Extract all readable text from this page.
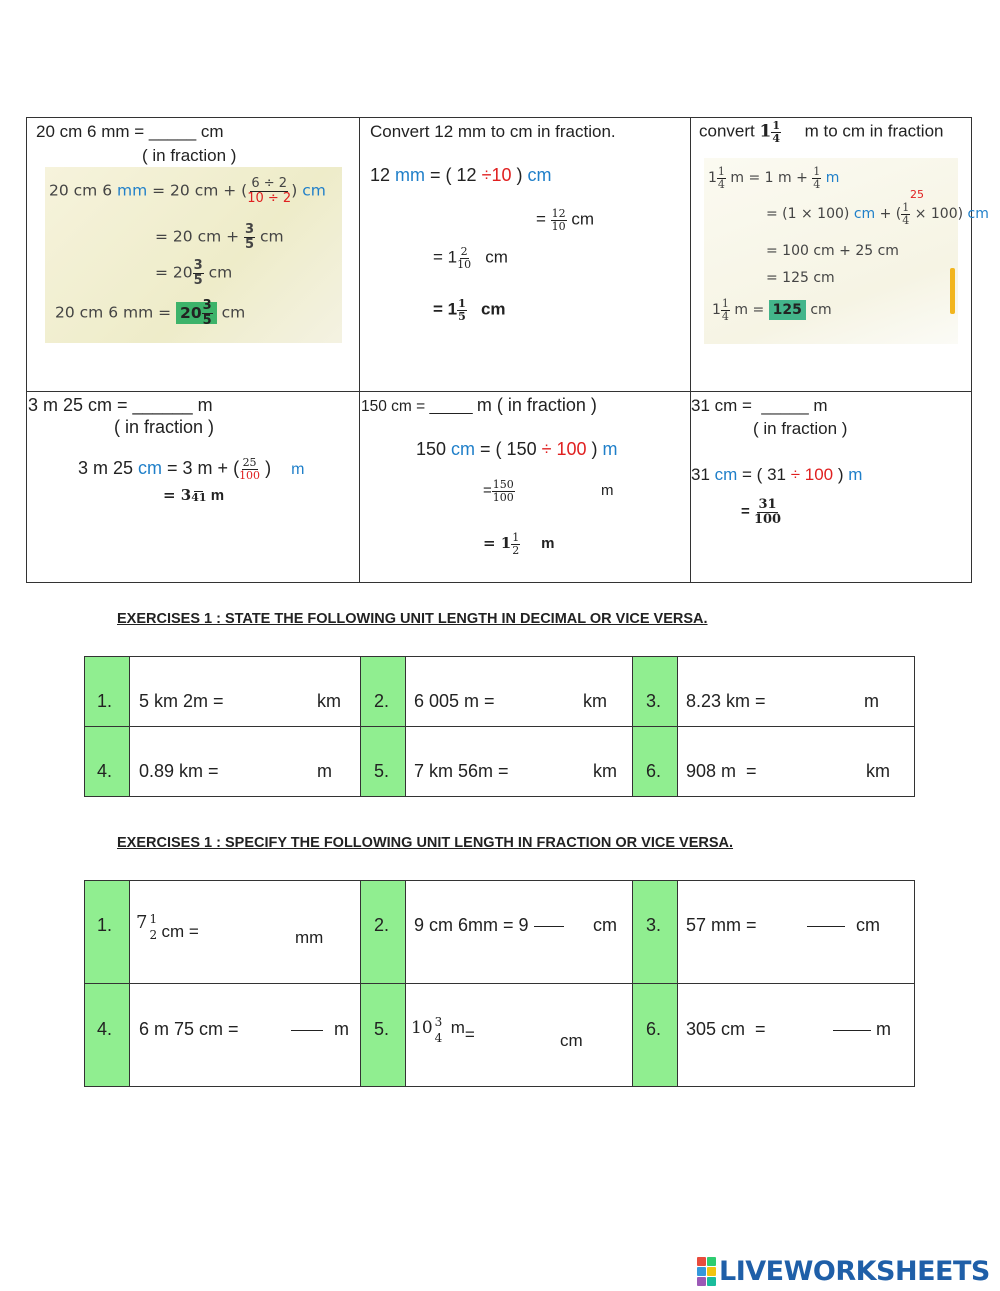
20 cm 6 mm = _____ cm
( in fraction )
20 cm 6 mm = 20 cm + ( $\frac{6 \div 2}{10 \div 2}$ ) cm
= 20 cm + $\frac{3}{5}$ cm
= $20 \frac{3}{5}$ cm
20 cm 6 mm = $20 \frac{3}{5}$ cm
Convert 12 mm to cm in fraction.
12 mm = ( 12 ÷10 ) cm
= $\frac{12}{10}$ cm
= $1 \frac{2}{10}$ cm
= $1 \frac{1}{5}$ cm
convert $1 \frac{1}{4}$ m to cm in fraction
$1 \frac{1}{4}$ m = 1 $m + \frac{1}{4}$ m
= (1 × 100) cm + ( $\frac{1}{4} \times 100$) cm
25
= 100 cm + 25 cm
= 125 cm
$1 \frac{1}{4}$ m = 125 cm
3 m 25 cm = ______ m
( in fraction )
3 m 25 cm = 3 m + ( $\frac{25}{100}$ ) m
= 3 41 m
150 cm = _____ m ( in fraction )
150 cm = ( 150 ÷ 100 ) m
= $\frac{150}{100}$	m
= $1 \frac{1}{2}$ m
31 cm =  _____ m
( in fraction )
31 cm = ( 31 ÷ 100 ) m
= $\frac{31}{100}$
EXERCISES 1 : STATE THE FOLLOWING UNIT LENGTH IN DECIMAL OR VICE VERSA.
1. 5 km 2m =	km 2. 6 005 m =	km 3. 8.23 km =	m
4. 0.89 km =	m 5. 7 km 56m =	km 6. 908 m  =	km
EXERCISES 1 : SPECIFY THE FOLLOWING UNIT LENGTH IN FRACTION OR VICE VERSA.
1. 7 1
2 cm =	mm
2. 9 cm 6mm = 9	cm 3. 57 mm =	cm
4. 6 m 75 cm =	m 5. 10 3
4
m=	cm
6. 305 cm  =	m
LIVEWORKSHEETS
